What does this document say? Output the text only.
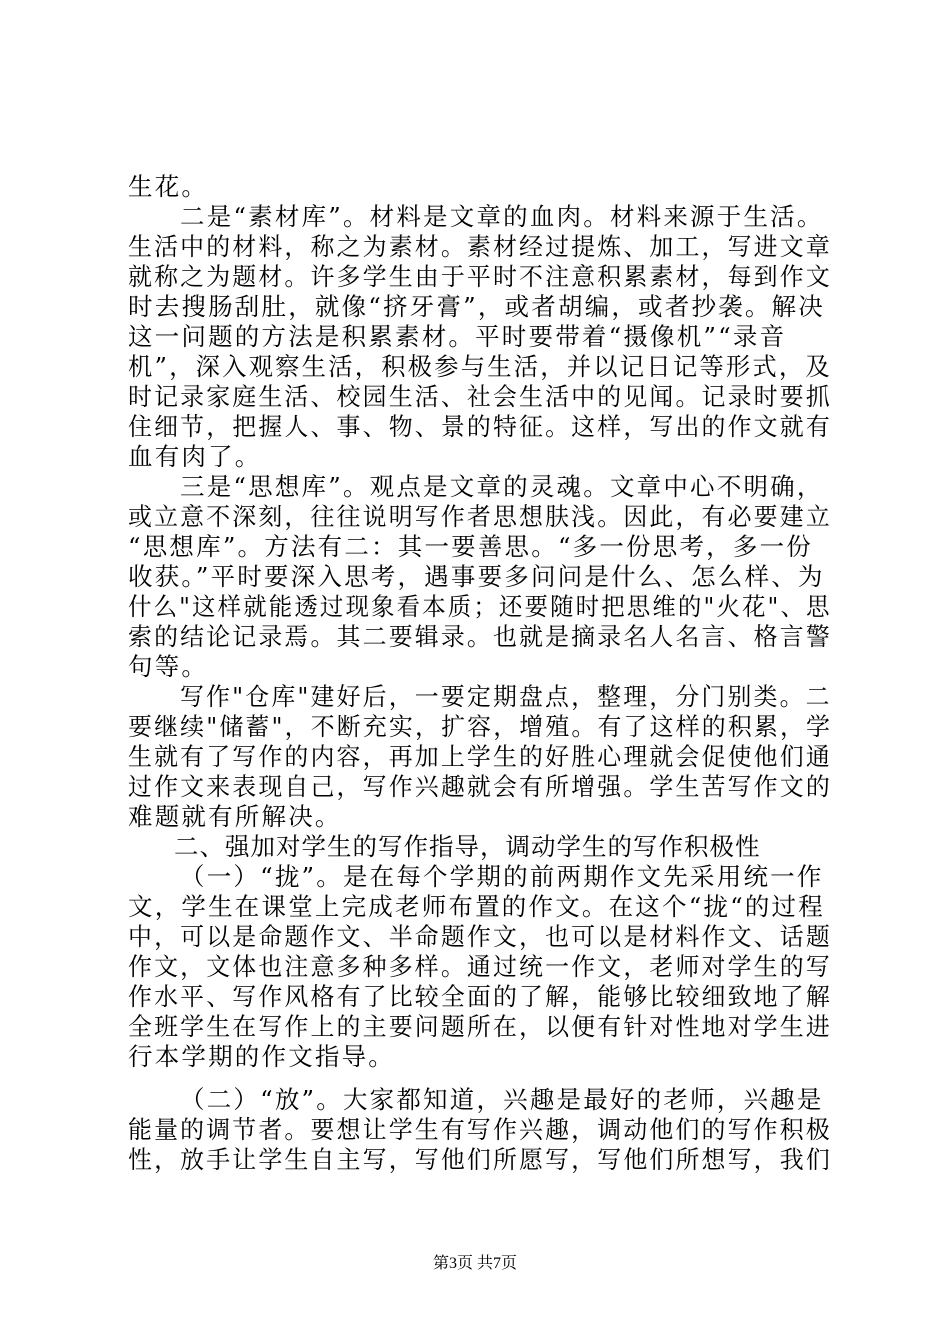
生花。
二是“素材库”。材料是文章的血肉。材料来源于生活。
生活中的材料，称之为素材。素材经过提炼、加工，写进文章
就称之为题材。许多学生由于平时不注意积累素材，每到作文
时去搜肠刮肚，就像“挤牙膏”，或者胡编，或者抄袭。解决
这一问题的方法是积累素材。平时要带着“摄像机”“录音
机”，深入观察生活，积极参与生活，并以记日记等形式，及
时记录家庭生活、校园生活、社会生活中的见闻。记录时要抓
住细节，把握人、事、物、景的特征。这样，写出的作文就有
血有肉了。
三是“思想库”。观点是文章的灵魂。文章中心不明确，
或立意不深刻，往往说明写作者思想肤浅。因此，有必要建立
“思想库”。方法有二：其一要善思。“多一份思考，多一份
收获。”平时要深入思考，遇事要多问问是什么、怎么样、为
什么"这样就能透过现象看本质；还要随时把思维的"火花"、思
索的结论记录焉。其二要辑录。也就是摘录名人名言、格言警
句等。
写作"仓库"建好后，一要定期盘点，整理，分门别类。二
要继续"储蓄"，不断充实，扩容，增殖。有了这样的积累，学
生就有了写作的内容，再加上学生的好胜心理就会促使他们通
过作文来表现自己，写作兴趣就会有所增强。学生苦写作文的
难题就有所解决。
二、强加对学生的写作指导，调动学生的写作积极性
（一）“拢”。是在每个学期的前两期作文先采用统一作
文，学生在课堂上完成老师布置的作文。在这个“拢“的过程
中，可以是命题作文、半命题作文，也可以是材料作文、话题
作文，文体也注意多种多样。通过统一作文，老师对学生的写
作水平、写作风格有了比较全面的了解，能够比较细致地了解
全班学生在写作上的主要问题所在，以便有针对性地对学生进
行本学期的作文指导。
（二）“放”。大家都知道，兴趣是最好的老师，兴趣是
能量的调节者。要想让学生有写作兴趣，调动他们的写作积极
性，放手让学生自主写，写他们所愿写，写他们所想写，我们
第3页 共7页
